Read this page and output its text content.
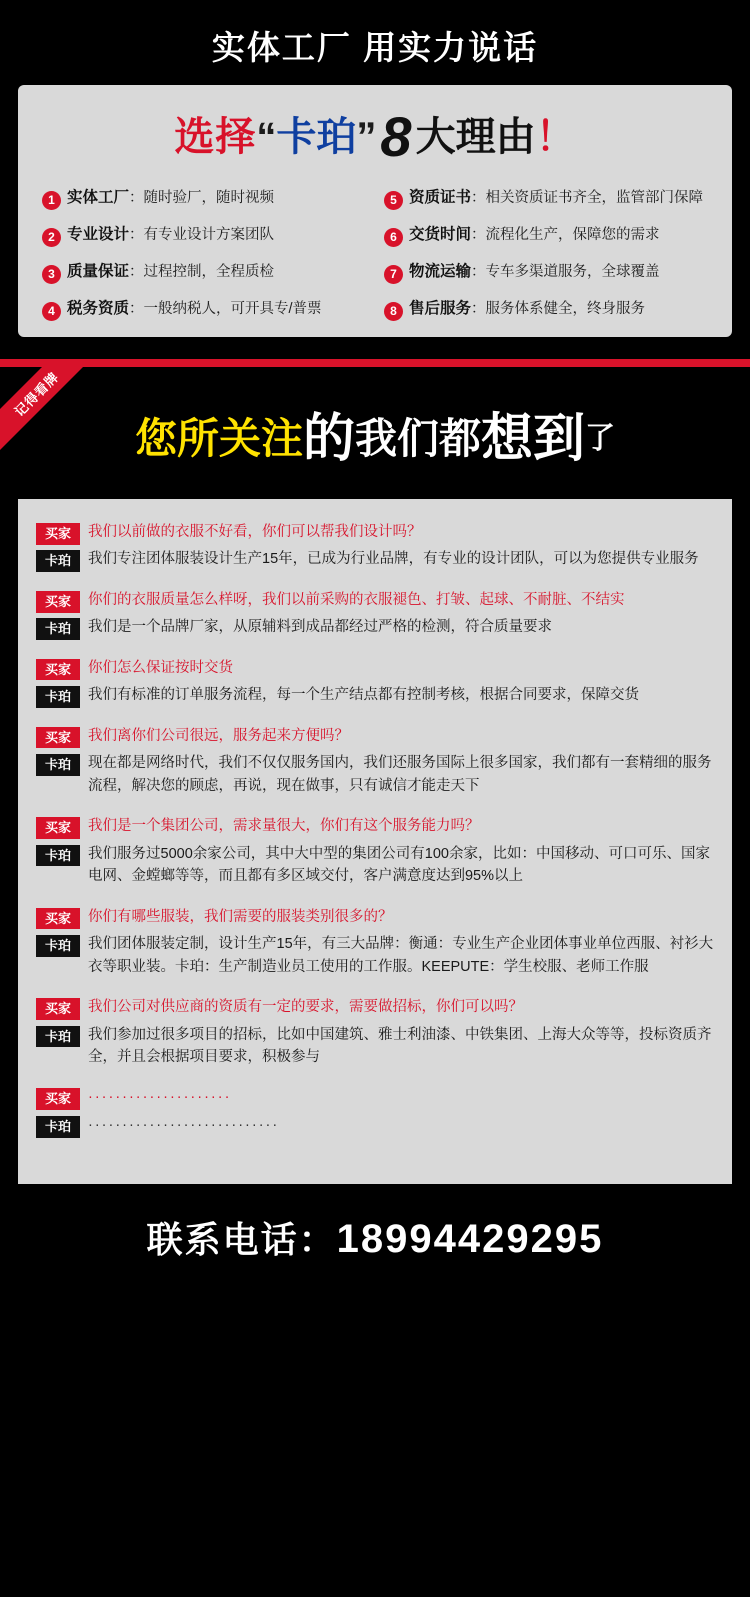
实体工厂 用实力说话
选择“卡珀”8 大理由！
1 实体工厂 ： 随时验厂，随时视频	5 资质证书 ： 相关资质证书齐全，监管部门保障
2 专业设计 ： 有专业设计方案团队	6 交货时间 ： 流程化生产，保障您的需求
3 质量保证 ： 过程控制，全程质检	7 物流运输 ： 专车多渠道服务，全球覆盖
4 税务资质 ： 一般纳税人，可开具专/普票	8 售后服务 ： 服务体系健全，终身服务
记得看牌
您所关注的我们都想到了
买家	我们以前做的衣服不好看，你们可以帮我们设计吗？
卡珀	我们专注团体服装设计生产15年，已成为行业品牌，有专业的设计团队，可以为您提供专业服务
买家	你们的衣服质量怎么样呀，我们以前采购的衣服褪色、打皱、起球、不耐脏、不结实
卡珀	我们是一个品牌厂家，从原辅料到成品都经过严格的检测，符合质量要求
买家	你们怎么保证按时交货
卡珀	我们有标准的订单服务流程，每一个生产结点都有控制考核，根据合同要求，保障交货
买家	我们离你们公司很远，服务起来方便吗？
卡珀	现在都是网络时代，我们不仅仅服务国内，我们还服务国际上很多国家，我们都有一套精细的服务流程，解决您的顾虑，再说，现在做事，只有诚信才能走天下
买家	我们是一个集团公司，需求量很大，你们有这个服务能力吗？
卡珀	我们服务过5000余家公司，其中大中型的集团公司有100余家，比如：中国移动、可口可乐、国家电网、金螳螂等等，而且都有多区域交付，客户满意度达到95%以上
买家	你们有哪些服装，我们需要的服装类别很多的？
卡珀	我们团体服装定制，设计生产15年，有三大品牌：衡通：专业生产企业团体事业单位西服、衬衫大衣等职业装。卡珀：生产制造业员工使用的工作服。KEEPUTE：学生校服、老师工作服
买家	我们公司对供应商的资质有一定的要求，需要做招标，你们可以吗？
卡珀	我们参加过很多项目的招标，比如中国建筑、雅士利油漆、中铁集团、上海大众等等，投标资质齐全，并且会根据项目要求，积极参与
买家	·····················
卡珀	····························
联系电话：18994429295
